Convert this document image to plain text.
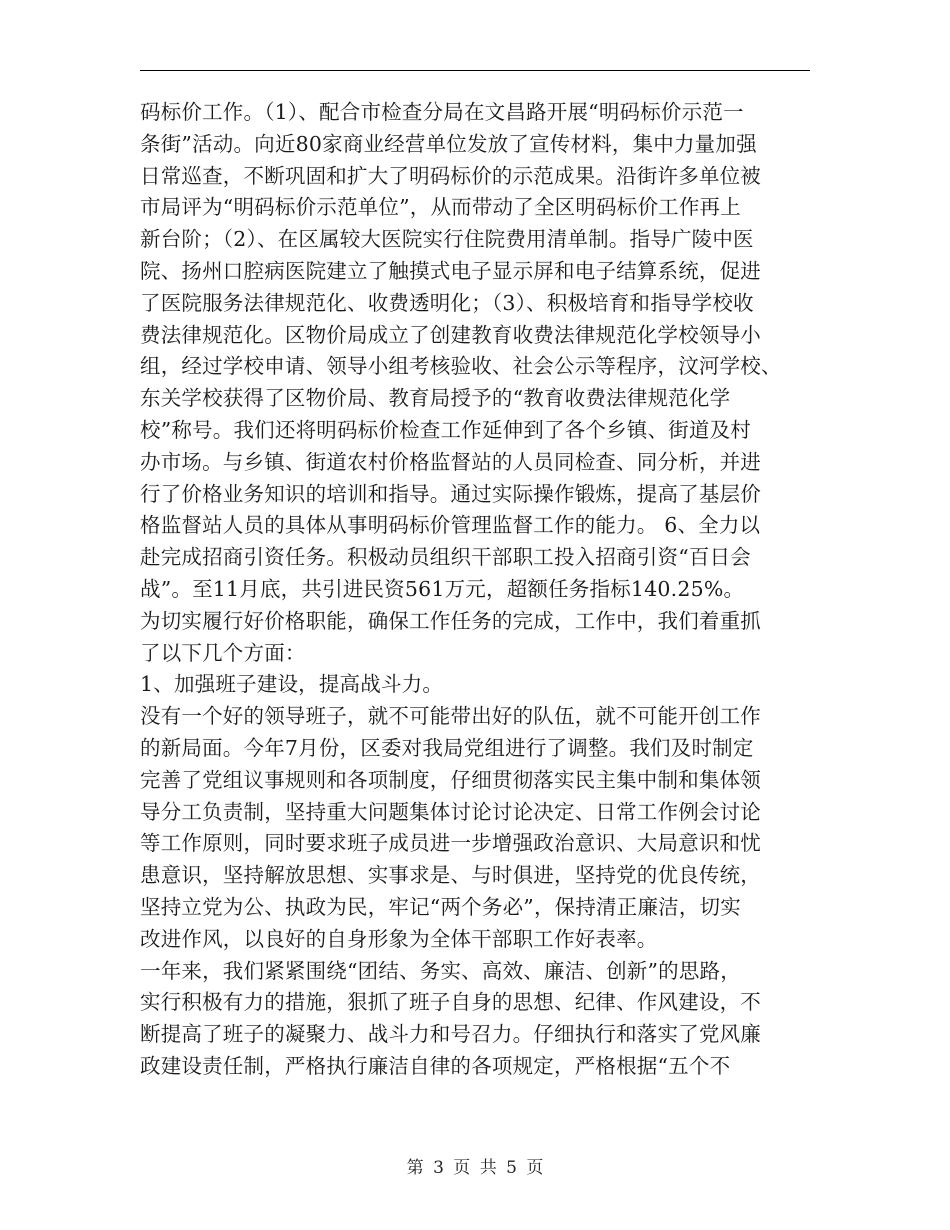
码标价工作。（1）、配合市检查分局在文昌路开展“明码标价示范一
条街”活动。向近80家商业经营单位发放了宣传材料，集中力量加强
日常巡查，不断巩固和扩大了明码标价的示范成果。沿街许多单位被
市局评为“明码标价示范单位”，从而带动了全区明码标价工作再上
新台阶；（2）、在区属较大医院实行住院费用清单制。指导广陵中医
院、扬州口腔病医院建立了触摸式电子显示屏和电子结算系统，促进
了医院服务法律规范化、收费透明化；（3）、积极培育和指导学校收
费法律规范化。区物价局成立了创建教育收费法律规范化学校领导小
组，经过学校申请、领导小组考核验收、社会公示等程序，汶河学校、
东关学校获得了区物价局、教育局授予的“教育收费法律规范化学
校”称号。我们还将明码标价检查工作延伸到了各个乡镇、街道及村
办市场。与乡镇、街道农村价格监督站的人员同检查、同分析，并进
行了价格业务知识的培训和指导。通过实际操作锻炼，提高了基层价
格监督站人员的具体从事明码标价管理监督工作的能力。 6、全力以
赴完成招商引资任务。积极动员组织干部职工投入招商引资“百日会
战”。至11月底，共引进民资561万元，超额任务指标140.25%。
为切实履行好价格职能，确保工作任务的完成，工作中，我们着重抓
了以下几个方面：
1、加强班子建设，提高战斗力。
没有一个好的领导班子，就不可能带出好的队伍，就不可能开创工作
的新局面。今年7月份，区委对我局党组进行了调整。我们及时制定
完善了党组议事规则和各项制度，仔细贯彻落实民主集中制和集体领
导分工负责制，坚持重大问题集体讨论讨论决定、日常工作例会讨论
等工作原则，同时要求班子成员进一步增强政治意识、大局意识和忧
患意识，坚持解放思想、实事求是、与时俱进，坚持党的优良传统，
坚持立党为公、执政为民，牢记“两个务必”，保持清正廉洁，切实
改进作风，以良好的自身形象为全体干部职工作好表率。
一年来，我们紧紧围绕“团结、务实、高效、廉洁、创新”的思路，
实行积极有力的措施，狠抓了班子自身的思想、纪律、作风建设，不
断提高了班子的凝聚力、战斗力和号召力。仔细执行和落实了党风廉
政建设责任制，严格执行廉洁自律的各项规定，严格根据“五个不
第 3 页 共 5 页
